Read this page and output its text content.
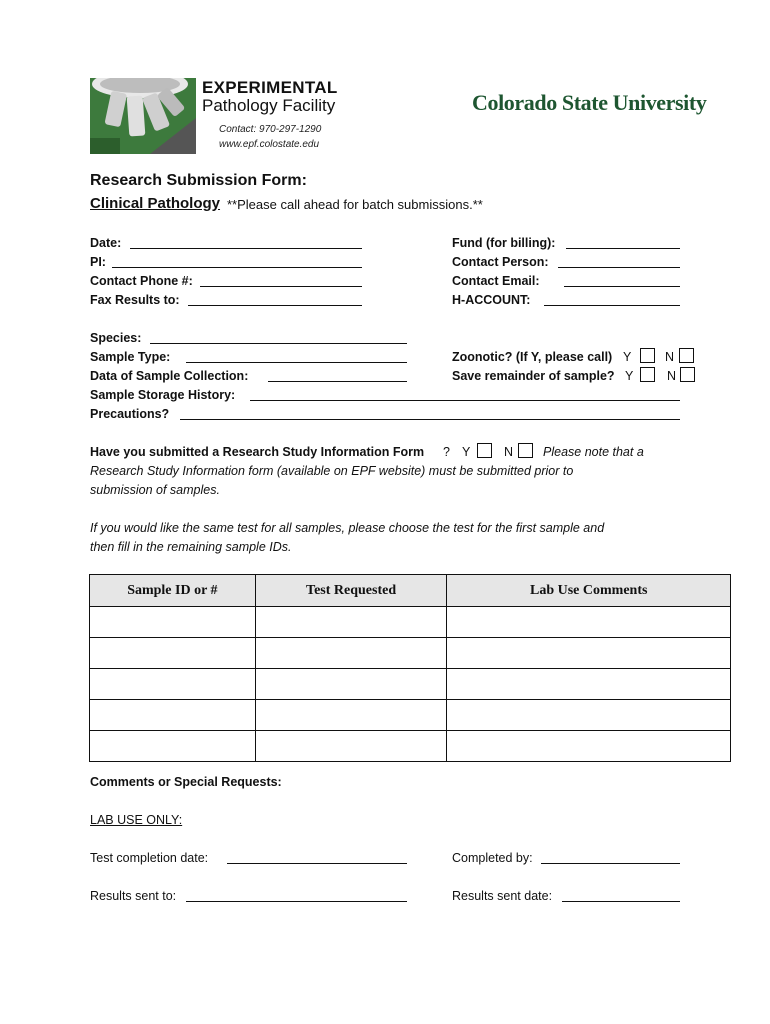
EXPERIMENTAL
Pathology Facility
Contact: 970-297-1290
www.epf.colostate.edu
Colorado State University
Research Submission Form:
Clinical Pathology **Please call ahead for batch submissions.**
Date:
PI:
Contact Phone #:
Fax Results to:
Fund (for billing):
Contact Person:
Contact Email:
H-ACCOUNT:
Species:
Sample Type:
Data of Sample Collection:
Sample Storage History:
Precautions?
Zoonotic? (If Y, please call) Y	N
Save remainder of sample? Y	N
Have you submitted a Research Study Information Form ? Y	N Please note that a
Research Study Information form (available on EPF website) must be submitted prior to
submission of samples.
If you would like the same test for all samples, please choose the test for the first sample and
then fill in the remaining sample IDs.
Sample ID or #	Test Requested	Lab Use Comments

Comments or Special Requests:
LAB USE ONLY:
Test completion date:	Completed by:
Results sent to:	Results sent date:
